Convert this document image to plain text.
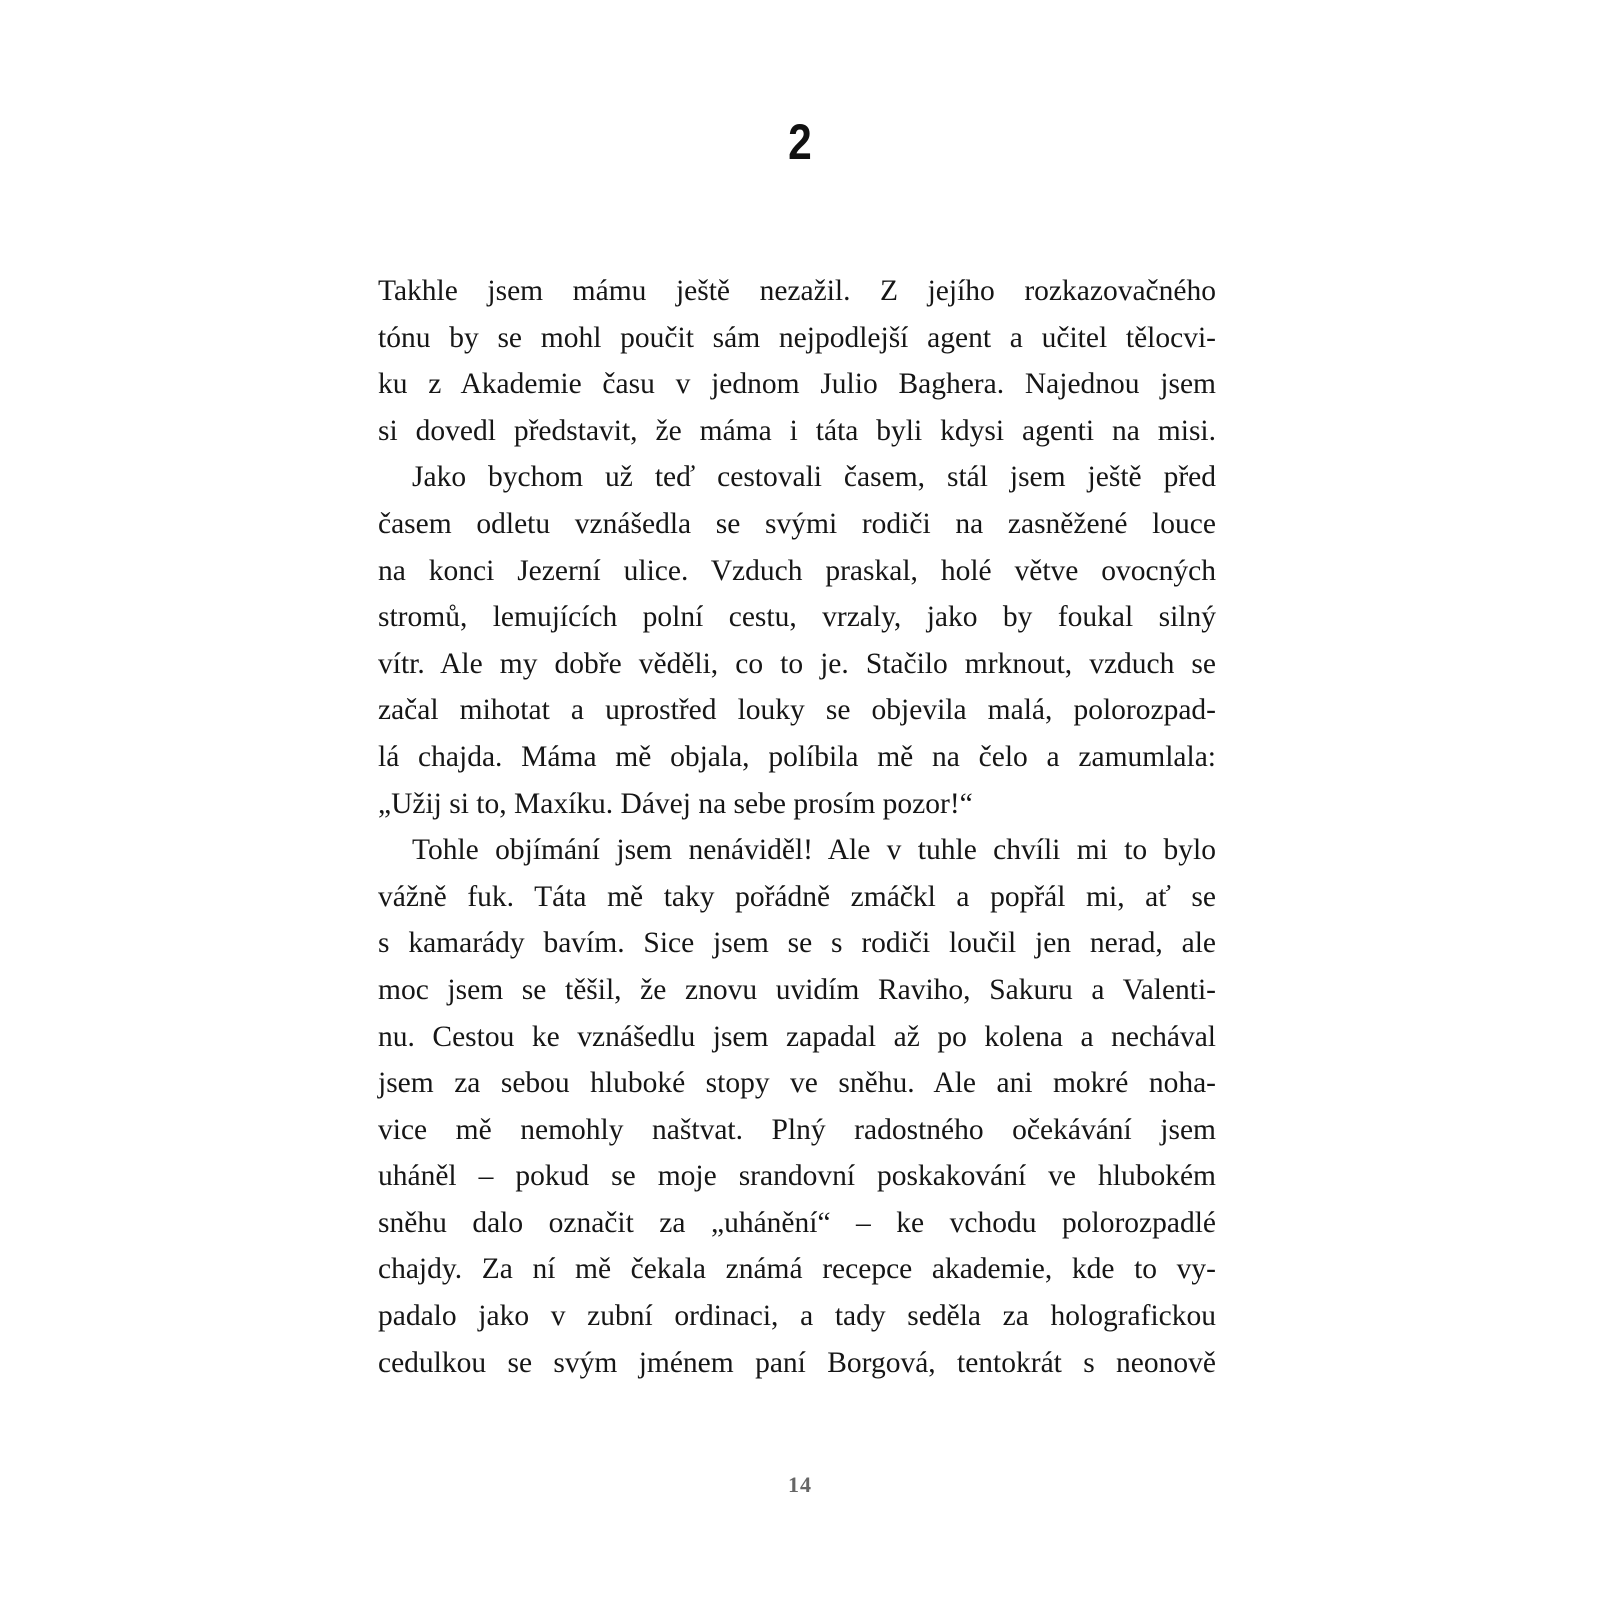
2
Takhle jsem mámu ještě nezažil. Z jejího rozkazovačného
tónu by se mohl poučit sám nejpodlejší agent a učitel tělocvi-
ku z Akademie času v jednom Julio Baghera. Najednou jsem
si dovedl představit, že máma i táta byli kdysi agenti na misi.
Jako bychom už teď cestovali časem, stál jsem ještě před
časem odletu vznášedla se svými rodiči na zasněžené louce
na konci Jezerní ulice. Vzduch praskal, holé větve ovocných
stromů, lemujících polní cestu, vrzaly, jako by foukal silný
vítr. Ale my dobře věděli, co to je. Stačilo mrknout, vzduch se
začal mihotat a uprostřed louky se objevila malá, polorozpad-
lá chajda. Máma mě objala, políbila mě na čelo a zamumlala:
„Užij si to, Maxíku. Dávej na sebe prosím pozor!“
Tohle objímání jsem nenáviděl! Ale v tuhle chvíli mi to bylo
vážně fuk. Táta mě taky pořádně zmáčkl a popřál mi, ať se
s kamarády bavím. Sice jsem se s rodiči loučil jen nerad, ale
moc jsem se těšil, že znovu uvidím Raviho, Sakuru a Valenti-
nu. Cestou ke vznášedlu jsem zapadal až po kolena a nechával
jsem za sebou hluboké stopy ve sněhu. Ale ani mokré noha-
vice mě nemohly naštvat. Plný radostného očekávání jsem
uháněl – pokud se moje srandovní poskakování ve hlubokém
sněhu dalo označit za „uhánění“ – ke vchodu polorozpadlé
chajdy. Za ní mě čekala známá recepce akademie, kde to vy-
padalo jako v zubní ordinaci, a tady seděla za holografickou
cedulkou se svým jménem paní Borgová, tentokrát s neonově
14
